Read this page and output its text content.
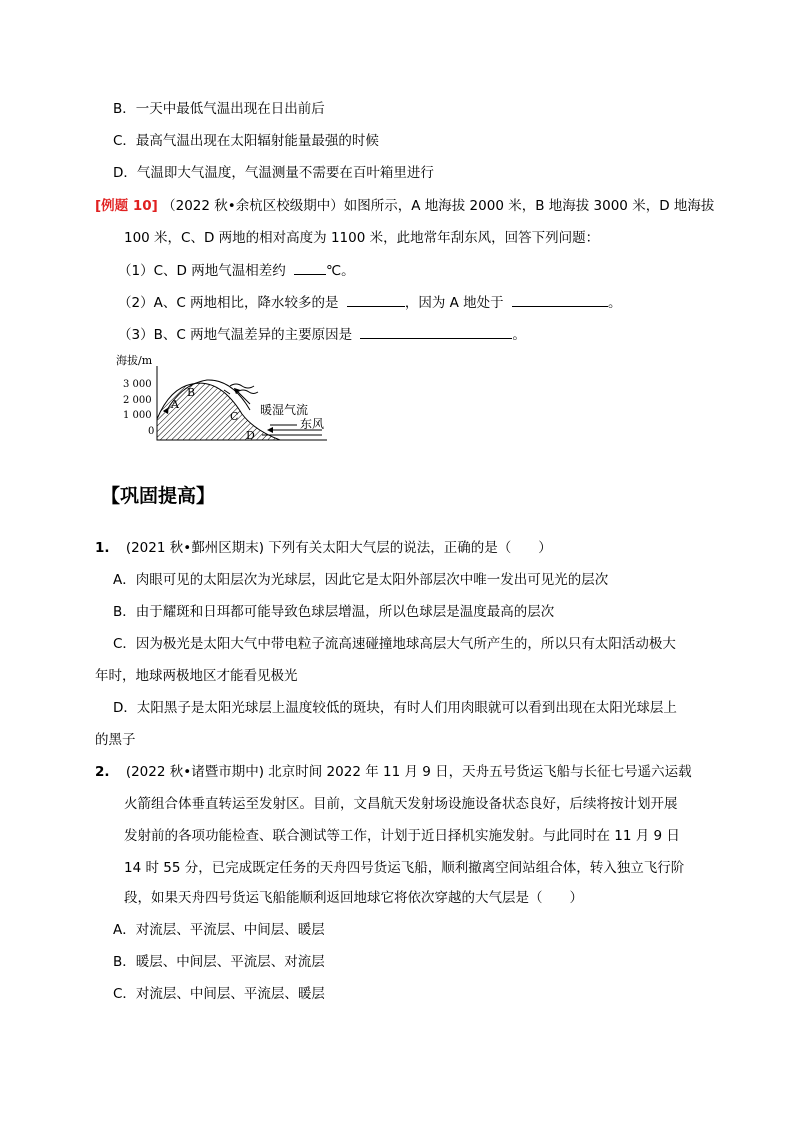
B．一天中最低气温出现在日出前后
C．最高气温出现在太阳辐射能量最强的时候
D．气温即大气温度，气温测量不需要在百叶箱里进行
[例题 10] （2022 秋•余杭区校级期中）如图所示，A 地海拔 2000 米，B 地海拔 3000 米，D 地海拔
100 米，C、D 两地的相对高度为 1100 米，此地常年刮东风，回答下列问题：
（1）C、D 两地气温相差约	℃。
（2）A、C 两地相比，降水较多的是	，因为 A 地处于	。
（3）B、C 两地气温差异的主要原因是	。
海拔/m
3 000
2 000
1 000
0
A
B
C
D
暖湿气流
东风
【巩固提高】
1. (2021 秋•鄞州区期末) 下列有关太阳大气层的说法，正确的是（　　）
A．肉眼可见的太阳层次为光球层，因此它是太阳外部层次中唯一发出可见光的层次
B．由于耀斑和日珥都可能导致色球层增温，所以色球层是温度最高的层次
C．因为极光是太阳大气中带电粒子流高速碰撞地球高层大气所产生的，所以只有太阳活动极大
年时，地球两极地区才能看见极光
D．太阳黑子是太阳光球层上温度较低的斑块，有时人们用肉眼就可以看到出现在太阳光球层上
的黑子
2. (2022 秋•诸暨市期中) 北京时间 2022 年 11 月 9 日，天舟五号货运飞船与长征七号遥六运载
火箭组合体垂直转运至发射区。目前，文昌航天发射场设施设备状态良好，后续将按计划开展
发射前的各项功能检查、联合测试等工作，计划于近日择机实施发射。与此同时在 11 月 9 日
14 时 55 分，已完成既定任务的天舟四号货运飞船，顺利撤离空间站组合体，转入独立飞行阶
段，如果天舟四号货运飞船能顺利返回地球它将依次穿越的大气层是（　　）
A．对流层、平流层、中间层、暖层
B．暖层、中间层、平流层、对流层
C．对流层、中间层、平流层、暖层
